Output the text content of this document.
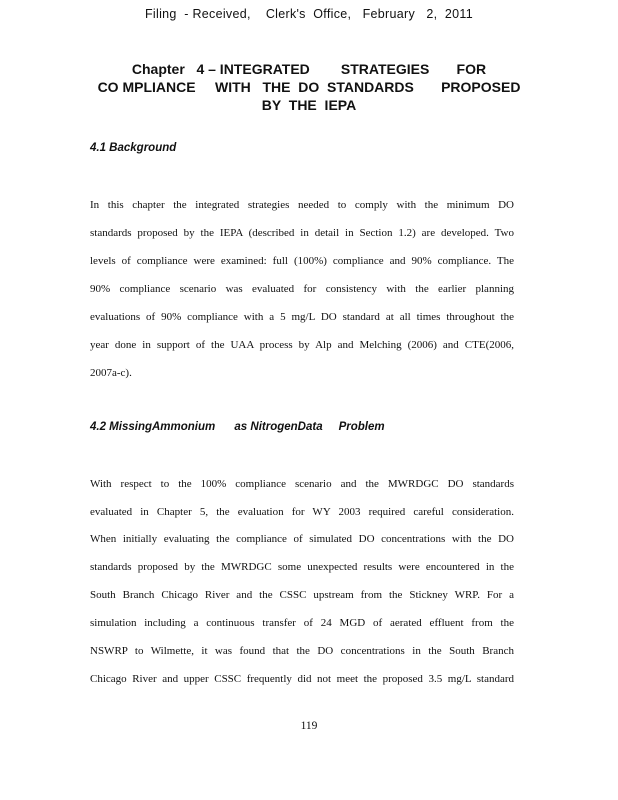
Filing  - Received,    Clerk's  Office,   February   2,  2011
Chapter   4 – INTEGRATED        STRATEGIES       FOR
CO MPLIANCE     WITH   THE  DO  STANDARDS       PROPOSED
BY  THE  IEPA
4.1 Background
In this chapter the integrated strategies needed to comply with the minimum DO
standards proposed by the IEPA (described in detail in Section 1.2) are developed. Two
levels of compliance were examined: full (100%) compliance and 90% compliance. The
90% compliance scenario was evaluated for consistency with the earlier planning
evaluations of 90% compliance with a 5 mg/L DO standard at all times throughout the
year done in support of the UAA process by Alp and Melching (2006) and CTE(2006,
2007a-c).
4.2 MissingAmmonium      as NitrogenData     Problem
With respect to the 100% compliance scenario and the MWRDGC DO standards
evaluated in Chapter 5, the evaluation for WY 2003 required careful consideration.
When initially evaluating the compliance of simulated DO concentrations with the DO
standards proposed by the MWRDGC some unexpected results were encountered in the
South Branch Chicago River and the CSSC upstream from the Stickney WRP. For a
simulation including a continuous transfer of 24 MGD of aerated effluent from the
NSWRP to Wilmette, it was found that the DO concentrations in the South Branch
Chicago River and upper CSSC frequently did not meet the proposed 3.5 mg/L standard
119
